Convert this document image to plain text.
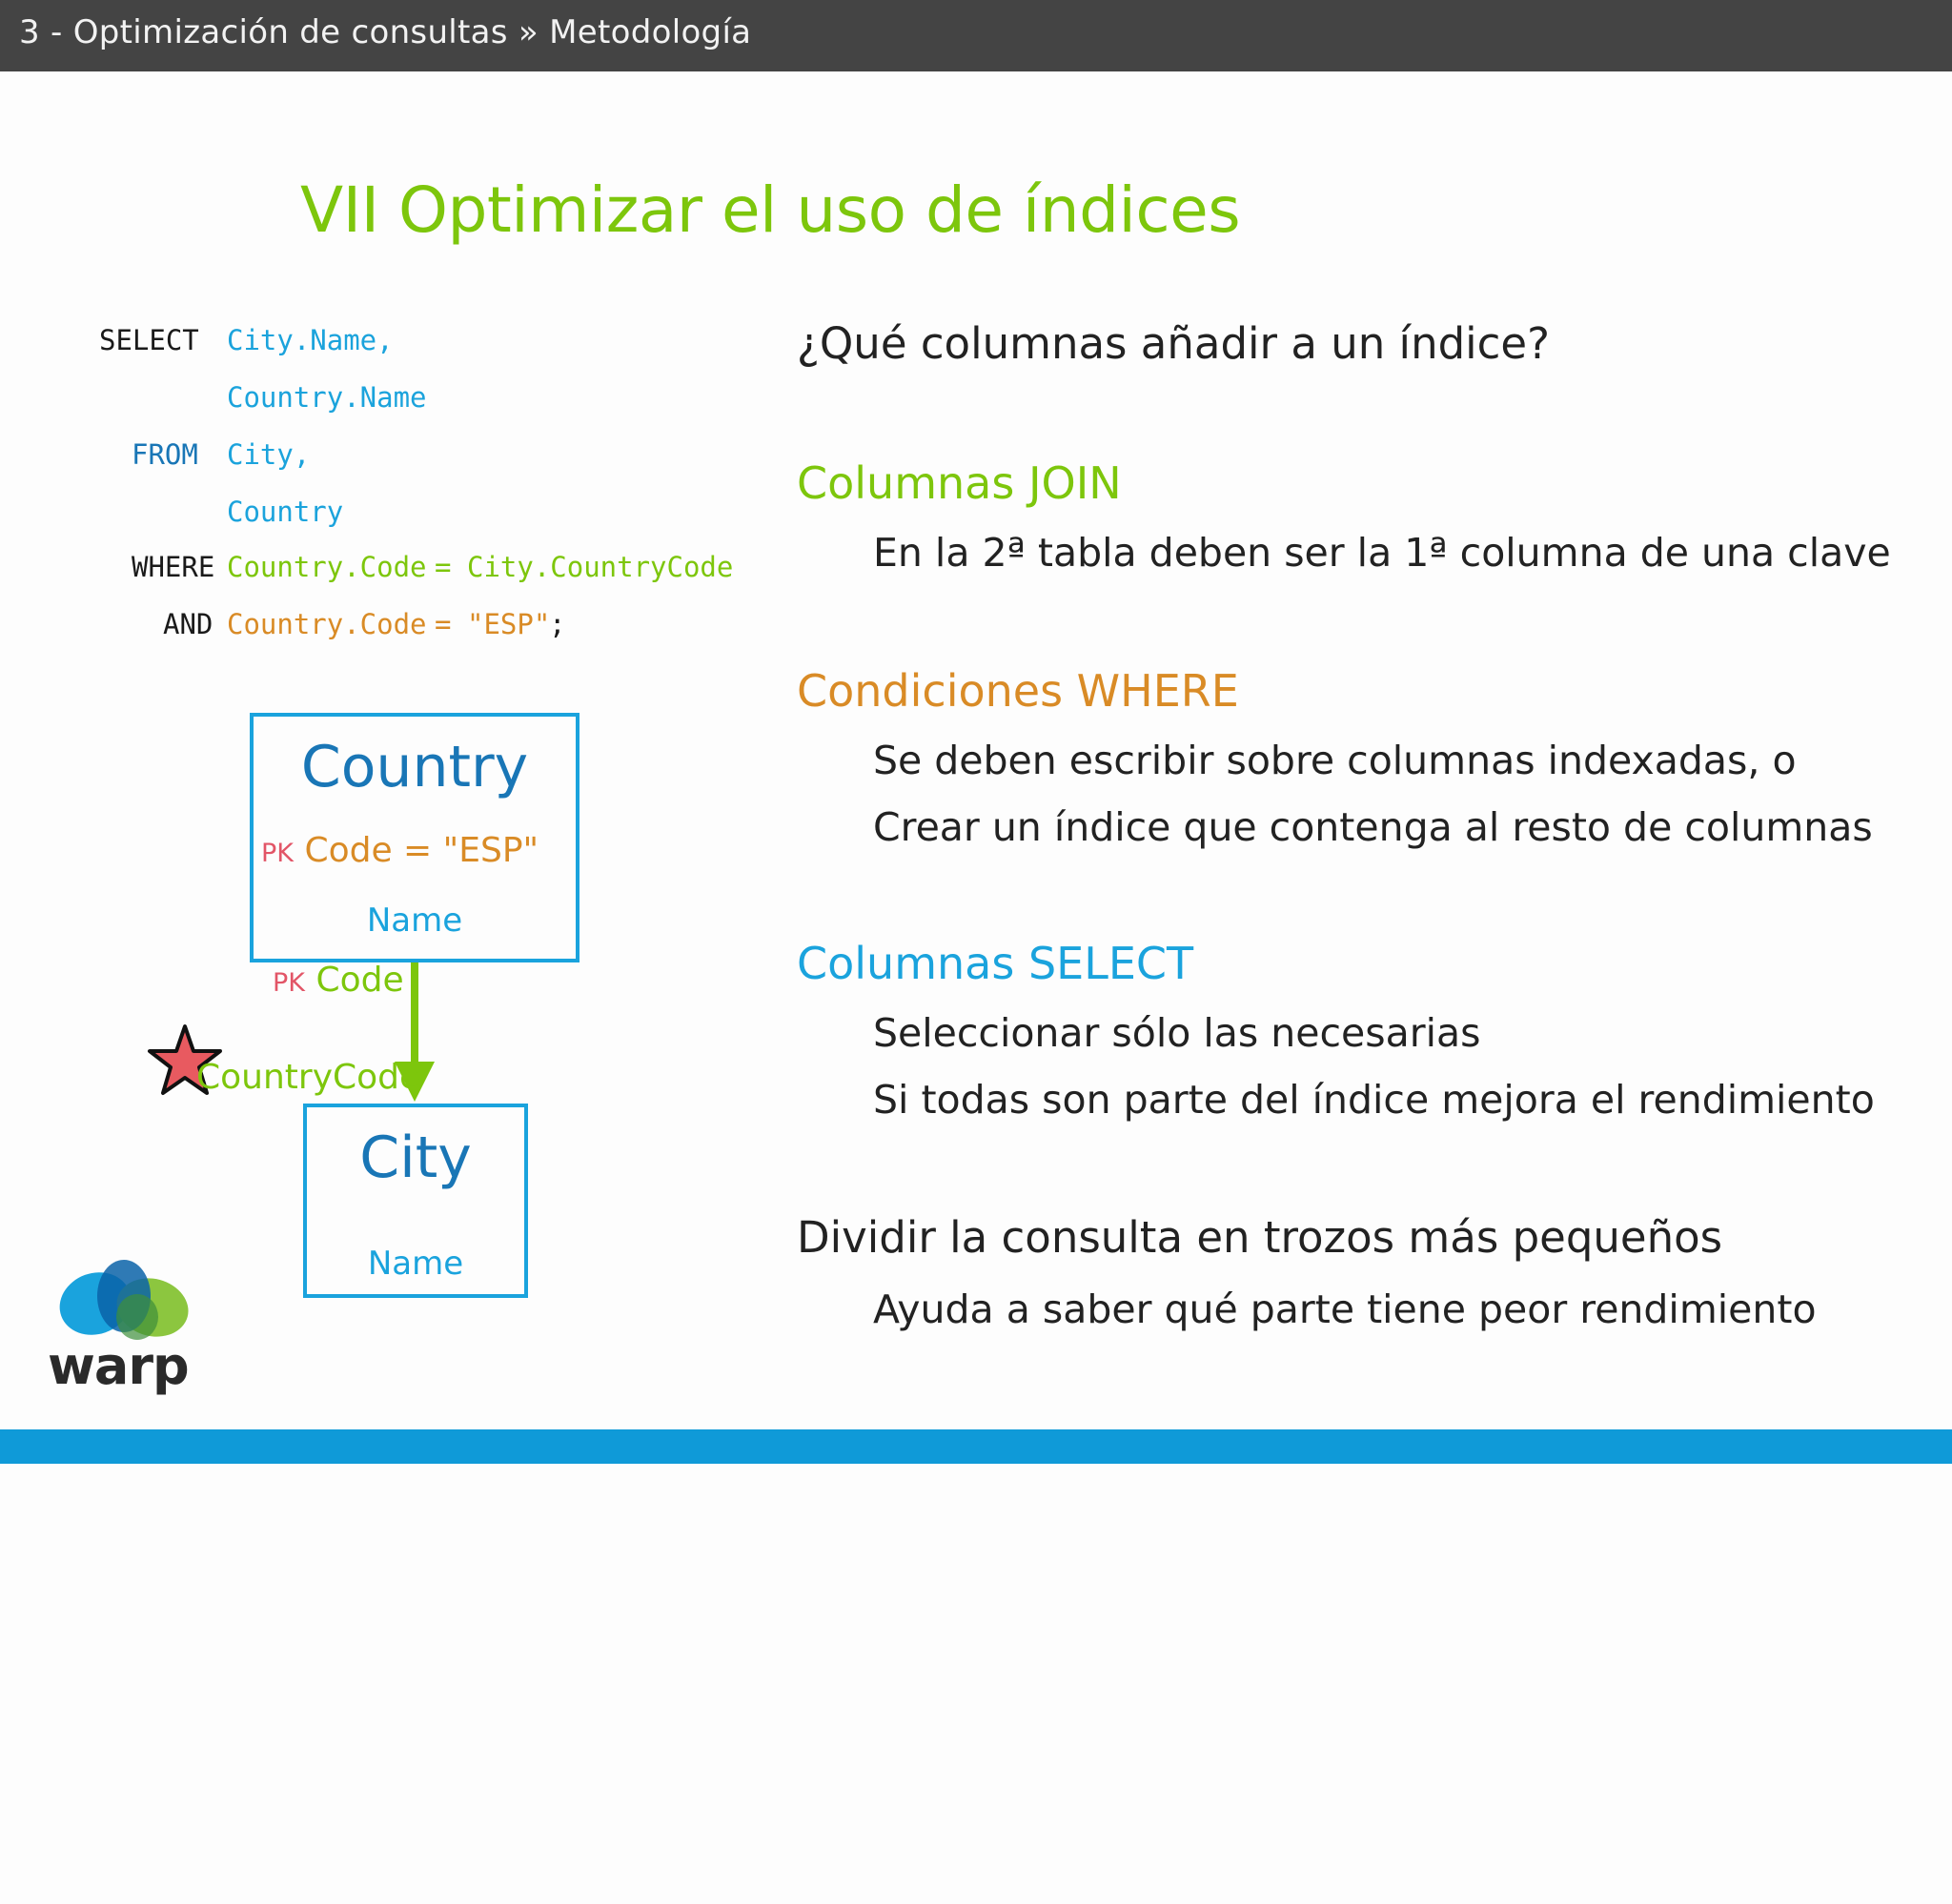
3 - Optimización de consultas » Metodología
VII Optimizar el uso de índices
SELECT City.Name,
Country.Name
FROM City,
Country
WHERE Country.Code = City.CountryCode
AND Country.Code = "ESP"
;
Country
PK Code = "ESP"
Name
PK Code
CountryCode
City
Name
¿Qué columnas añadir a un índice?
Columnas JOIN
En la 2ª tabla deben ser la 1ª columna de una clave
Condiciones WHERE
Se deben escribir sobre columnas indexadas, o
Crear un índice que contenga al resto de columnas
Columnas SELECT
Seleccionar sólo las necesarias
Si todas son parte del índice mejora el rendimiento
Dividir la consulta en trozos más pequeños
Ayuda a saber qué parte tiene peor rendimiento
warp
